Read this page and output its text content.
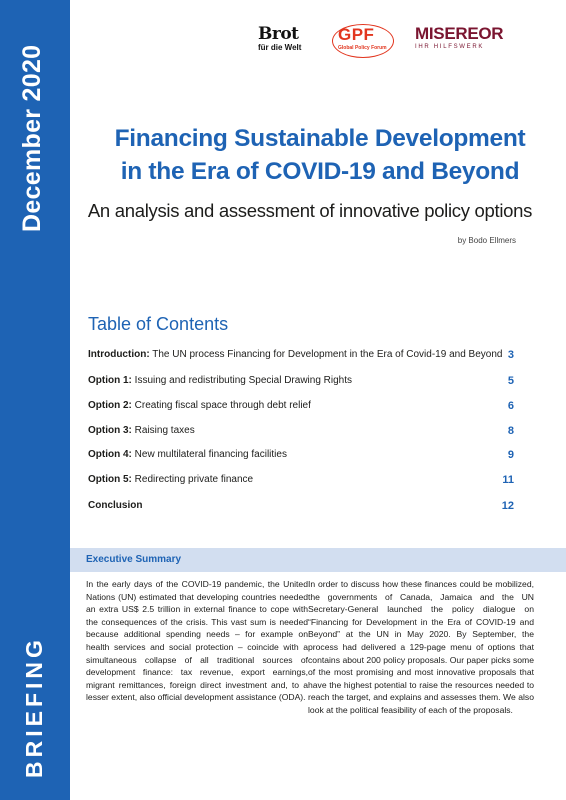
December 2020
BRIEFING
Brot
für die Welt
GPF
Global Policy Forum
MISEREOR
IHR HILFSWERK
Financing Sustainable Development
in the Era of COVID-19 and Beyond
An analysis and assessment of innovative policy options
by Bodo Ellmers
Table of Contents
Introduction: The UN process Financing for Development in the Era of Covid-19 and Beyond 3
Option 1: Issuing and redistributing Special Drawing Rights	5
Option 2: Creating fiscal space through debt relief	6
Option 3: Raising taxes	8
Option 4: New multilateral financing facilities	9
Option 5: Redirecting private finance	11
Conclusion	12
Executive Summary
In the early days of the COVID-19 pandemic, the United Nations (UN) estimated that developing countries needed an extra US$ 2.5 trillion in external finance to cope with the consequences of the crisis. This vast sum is needed because additional spending needs – for example on health services and social protection – coincide with a simultaneous collapse of all traditional sources of development finance: tax revenue, export earnings, migrant remittances, foreign direct investment and, to a lesser extent, also official development assistance (ODA).
In order to discuss how these finances could be mobilized, the governments of Canada, Jamaica and the UN Secretary-General launched the policy dialogue on “Financing for Development in the Era of COVID-19 and Beyond” at the UN in May 2020. By September, the process had delivered a 129-page menu of options that contains about 200 policy proposals. Our paper picks some of the most promising and most innovative proposals that have the highest potential to raise the resources needed to reach the target, and explains and assesses them. We also look at the political feasibility of each of the proposals.
